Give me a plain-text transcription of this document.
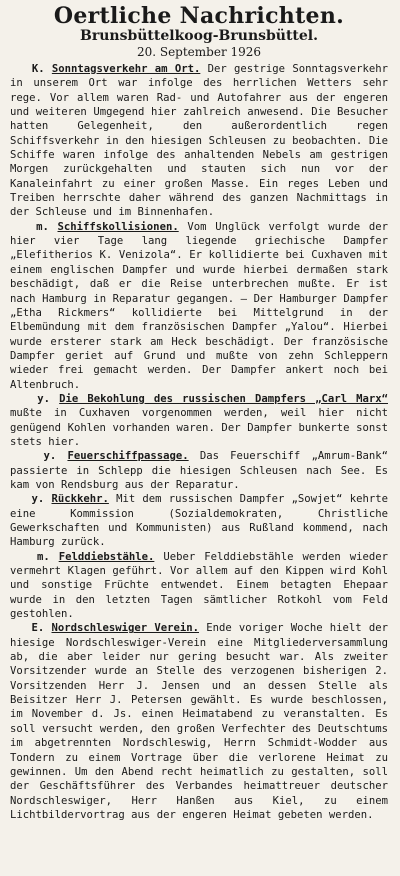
Oertliche Nachrichten.
Brunsbüttelkoog-Brunsbüttel.
20. September 1926

K. Sonntagsverkehr am Ort. Der gestrige Sonntagsverkehr in unserem Ort war infolge des herrlichen Wetters sehr rege. Vor allem waren Rad- und Autofahrer aus der engeren und weiteren Umgegend hier zahlreich anwesend. Die Besucher hatten Gelegenheit, den außerordentlich regen Schiffsverkehr in den hiesigen Schleusen zu beobachten. Die Schiffe waren infolge des anhaltenden Nebels am gestrigen Morgen zurückgehalten und stauten sich nun vor der Kanaleinfahrt zu einer großen Masse. Ein reges Leben und Treiben herrschte daher während des ganzen Nachmittags in der Schleuse und im Binnenhafen.

m. Schiffskollisionen. Vom Unglück verfolgt wurde der hier vier Tage lang liegende griechische Dampfer „Elefitherios K. Venizola“. Er kollidierte bei Cuxhaven mit einem englischen Dampfer und wurde hierbei dermaßen stark beschädigt, daß er die Reise unterbrechen mußte. Er ist nach Hamburg in Reparatur gegangen. — Der Hamburger Dampfer „Etha Rickmers“ kollidierte bei Mittelgrund in der Elbemündung mit dem französischen Dampfer „Yalou“. Hierbei wurde ersterer stark am Heck beschädigt. Der französische Dampfer geriet auf Grund und mußte von zehn Schleppern wieder frei gemacht werden. Der Dampfer ankert noch bei Altenbruch.

y. Die Bekohlung des russischen Dampfers „Carl Marx“ mußte in Cuxhaven vorgenommen werden, weil hier nicht genügend Kohlen vorhanden waren. Der Dampfer bunkerte sonst stets hier.

y. Feuerschiffpassage. Das Feuerschiff „Amrum-Bank“ passierte in Schlepp die hiesigen Schleusen nach See. Es kam von Rendsburg aus der Reparatur.

y. Rückkehr. Mit dem russischen Dampfer „Sowjet“ kehrte eine Kommission (Sozialdemokraten, Christliche Gewerkschaften und Kommunisten) aus Rußland kommend, nach Hamburg zurück.

m. Felddiebstähle. Ueber Felddiebstähle werden wieder vermehrt Klagen geführt. Vor allem auf den Kippen wird Kohl und sonstige Früchte entwendet. Einem betagten Ehepaar wurde in den letzten Tagen sämtlicher Rotkohl vom Feld gestohlen.

E. Nordschleswiger Verein. Ende voriger Woche hielt der hiesige Nordschleswiger-Verein eine Mitgliederversammlung ab, die aber leider nur gering besucht war. Als zweiter Vorsitzender wurde an Stelle des verzogenen bisherigen 2. Vorsitzenden Herr J. Jensen und an dessen Stelle als Beisitzer Herr J. Petersen gewählt. Es wurde beschlossen, im November d. Js. einen Heimatabend zu veranstalten. Es soll versucht werden, den großen Verfechter des Deutschtums im abgetrennten Nordschleswig, Herrn Schmidt-Wodder aus Tondern zu einem Vortrage über die verlorene Heimat zu gewinnen. Um den Abend recht heimatlich zu gestalten, soll der Geschäftsführer des Verbandes heimattreuer deutscher Nordschleswiger, Herr Hanßen aus Kiel, zu einem Lichtbildervortrag aus der engeren Heimat gebeten werden.
